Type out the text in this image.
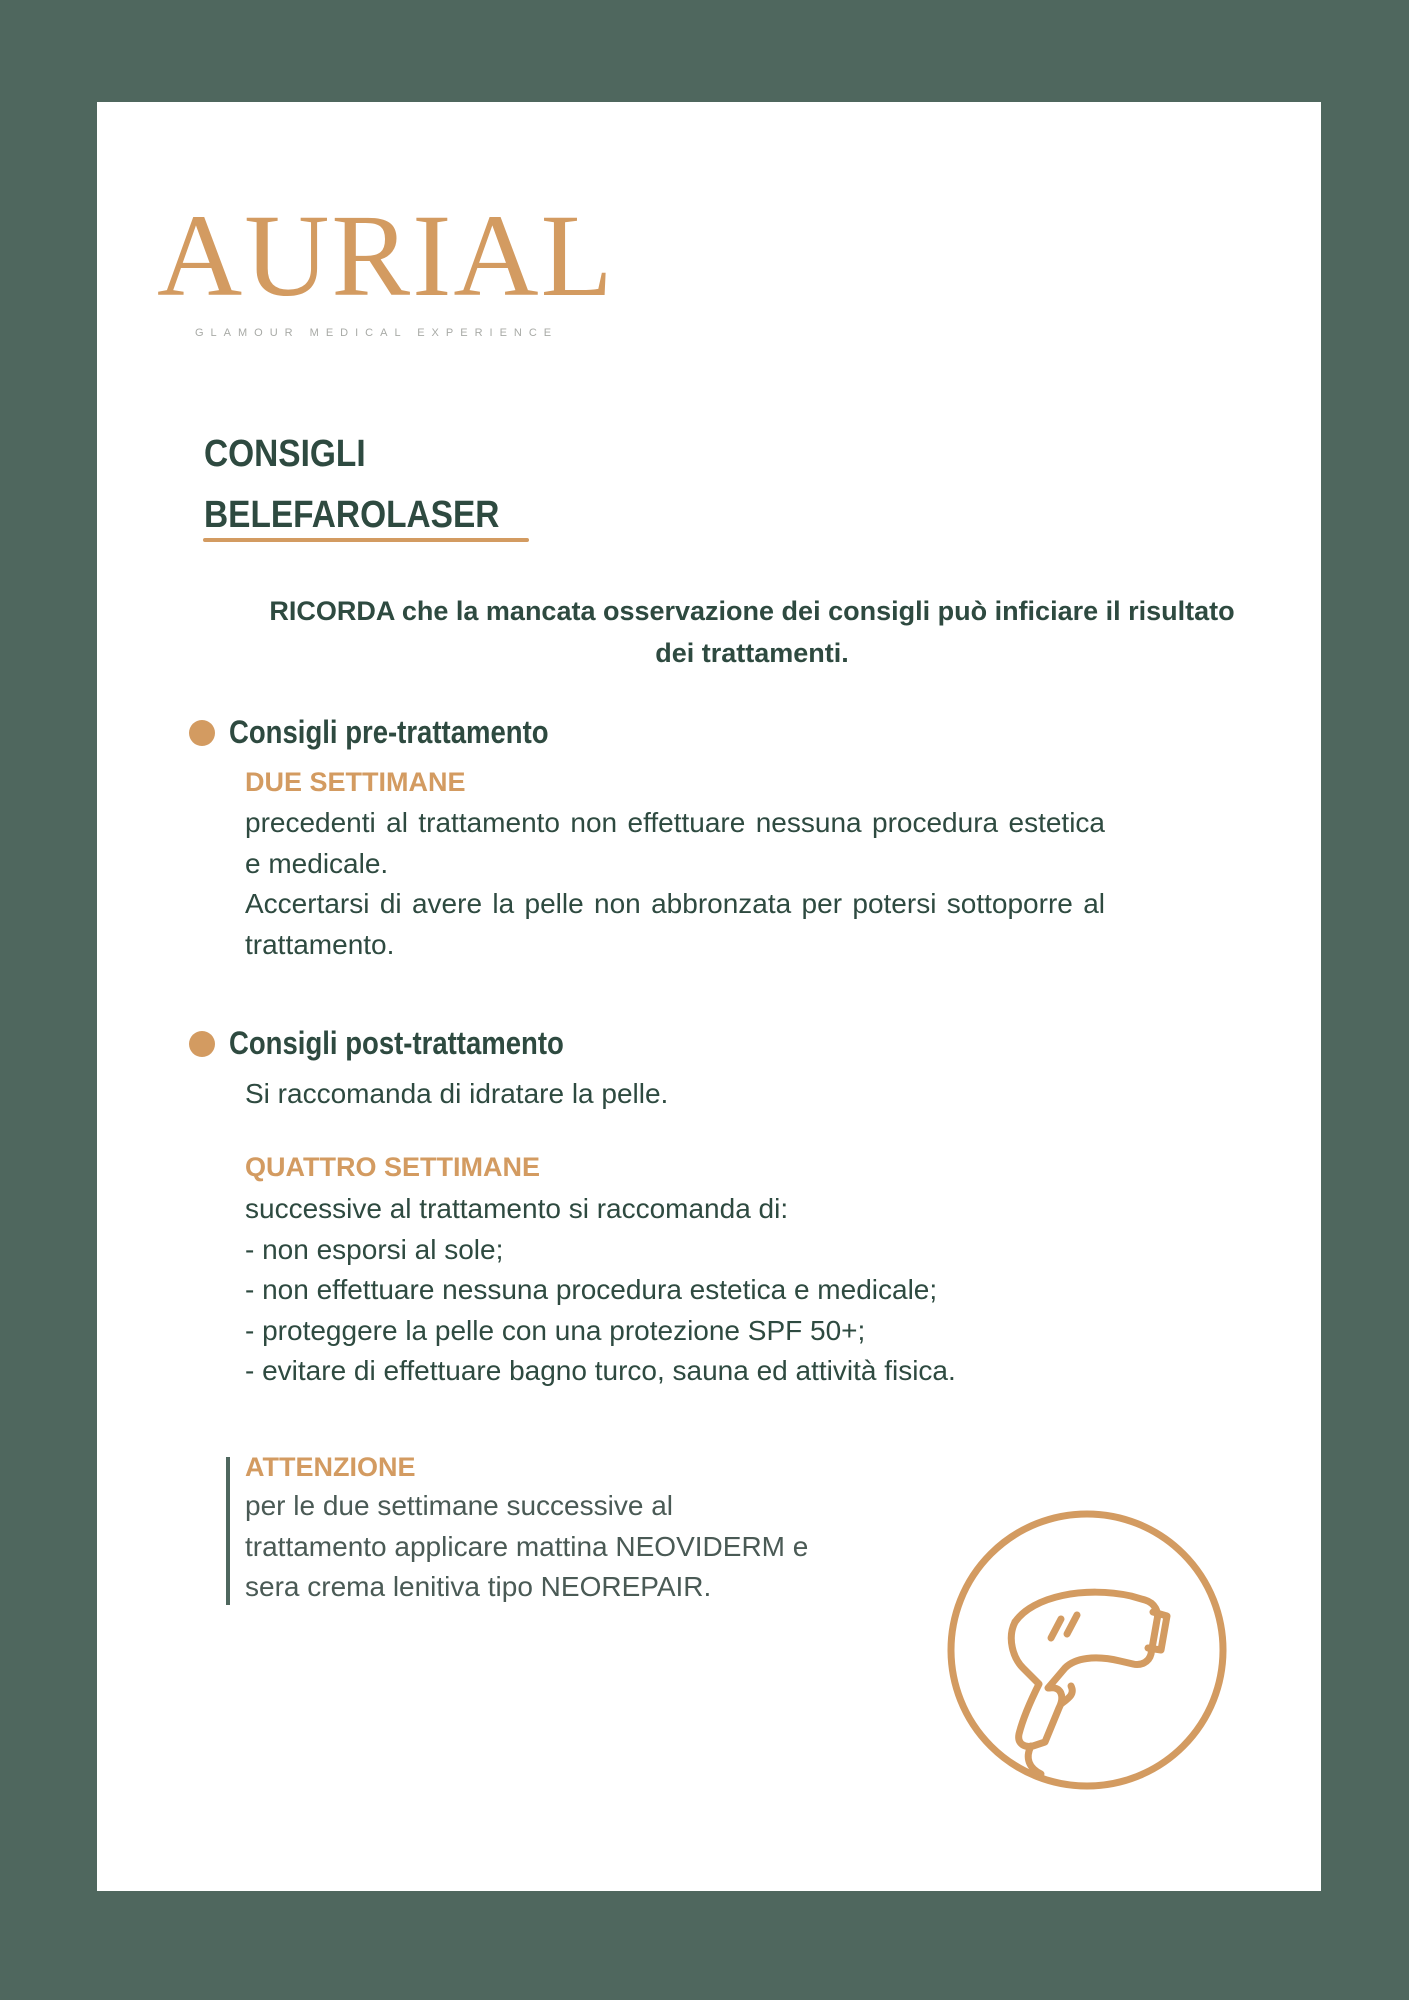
AURIAL
GLAMOUR MEDICAL EXPERIENCE
CONSIGLI
BELEFAROLASER
RICORDA che la mancata osservazione dei consigli può inficiare il risultato dei trattamenti.
Consigli pre-trattamento
DUE SETTIMANE

precedenti al trattamento non effettuare nessuna procedura estetica e medicale.

Accertarsi di avere la pelle non abbronzata per potersi sottoporre al trattamento.

Consigli post-trattamento
Si raccomanda di idratare la pelle.
QUATTRO SETTIMANE

successive al trattamento si raccomanda di:

- non esporsi al sole;

- non effettuare nessuna procedura estetica e medicale;

- proteggere la pelle con una protezione SPF 50+;

- evitare di effettuare bagno turco, sauna ed attività fisica.

ATTENZIONE

per le due settimane successive al

trattamento applicare mattina NEOVIDERM e

sera crema lenitiva tipo NEOREPAIR.
